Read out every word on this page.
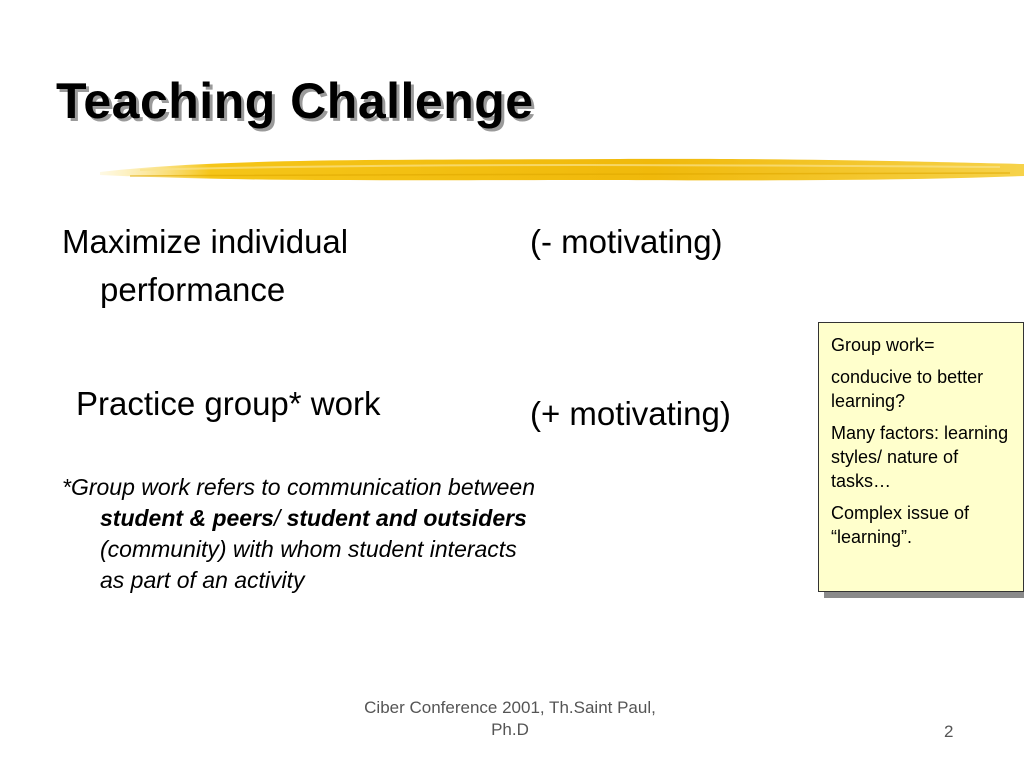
Teaching Challenge
Maximize individual performance
Practice group* work
(- motivating)
(+ motivating)
*Group work refers to communication between student & peers/ student and outsiders (community) with whom student interacts as part of an activity

Group work=

conducive to better learning?

Many factors: learning styles/ nature of tasks…

Complex issue of “learning”.

Ciber Conference 2001, Th.Saint Paul, Ph.D	2
